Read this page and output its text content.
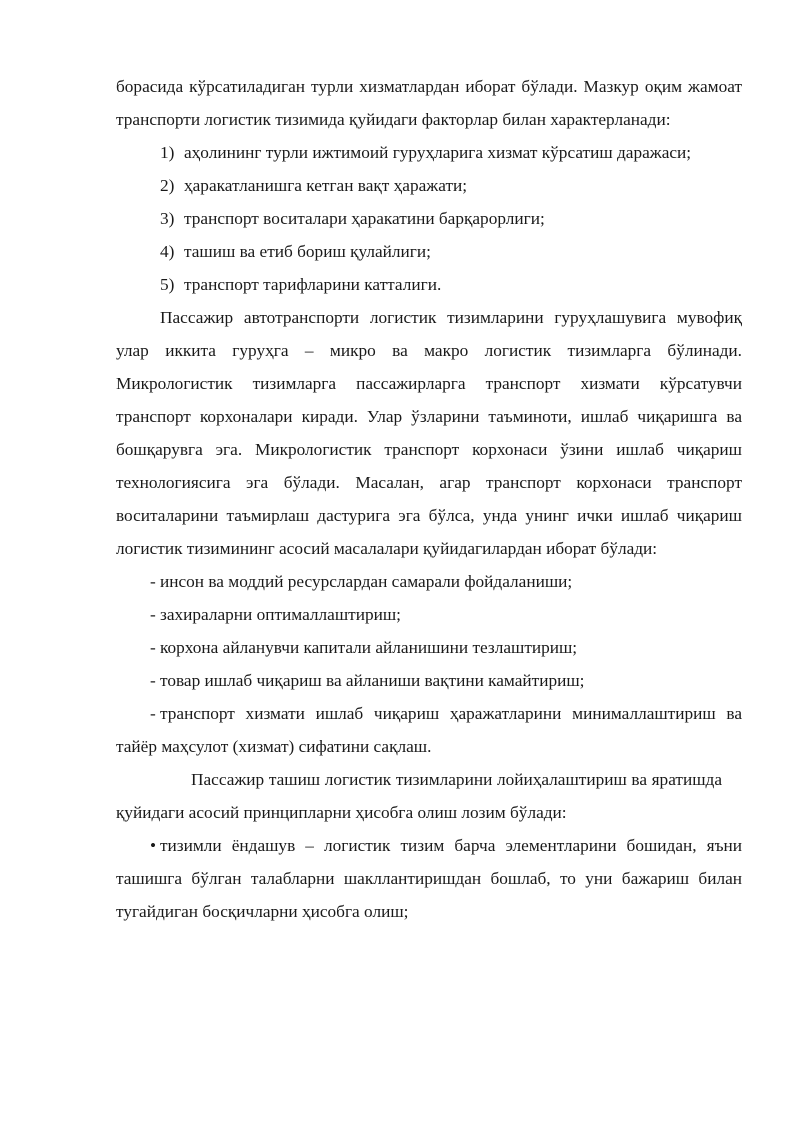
борасида кўрсатиладиган турли хизматлардан иборат бўлади. Мазкур оқим жамоат транспорти логистик тизимида қуйидаги факторлар билан характерланади:

1) аҳолининг турли ижтимоий гуруҳларига хизмат кўрсатиш даражаси;

2) ҳаракатланишга кетган вақт ҳаражати;

3) транспорт воситалари ҳаракатини барқарорлиги;

4) ташиш ва етиб бориш қулайлиги;

5) транспорт тарифларини катталиги.

Пассажир автотранспорти логистик тизимларини гуруҳлашувига мувофиқ улар иккита гуруҳга – микро ва макро логистик тизимларга бўлинади. Микрологистик тизимларга пассажирларга транспорт хизмати кўрсатувчи транспорт корхоналари киради. Улар ўзларини таъминоти, ишлаб чиқаришга ва бошқарувга эга. Микрологистик транспорт корхонаси ўзини ишлаб чиқариш технологиясига эга бўлади. Масалан, агар транспорт корхонаси транспорт воситаларини таъмирлаш дастурига эга бўлса, унда унинг ички ишлаб чиқариш логистик тизимининг асосий масалалари қуйидагилардан иборат бўлади:

- инсон ва моддий ресурслардан самарали фойдаланиши;

- захираларни оптималлаштириш;

- корхона айланувчи капитали айланишини тезлаштириш;

- товар ишлаб чиқариш ва айланиши вақтини камайтириш;

- транспорт хизмати ишлаб чиқариш ҳаражатларини минималлаштириш ва тайёр маҳсулот (хизмат) сифатини сақлаш.

Пассажир ташиш логистик тизимларини лойиҳалаштириш ва яратишдақуйидаги асосий принципларни ҳисобга олиш лозим бўлади:

• тизимли ёндашув – логистик тизим барча элементларини бошидан, яъни ташишга бўлган талабларни шакллантиришдан бошлаб, то уни бажариш билан тугайдиган босқичларни ҳисобга олиш;
